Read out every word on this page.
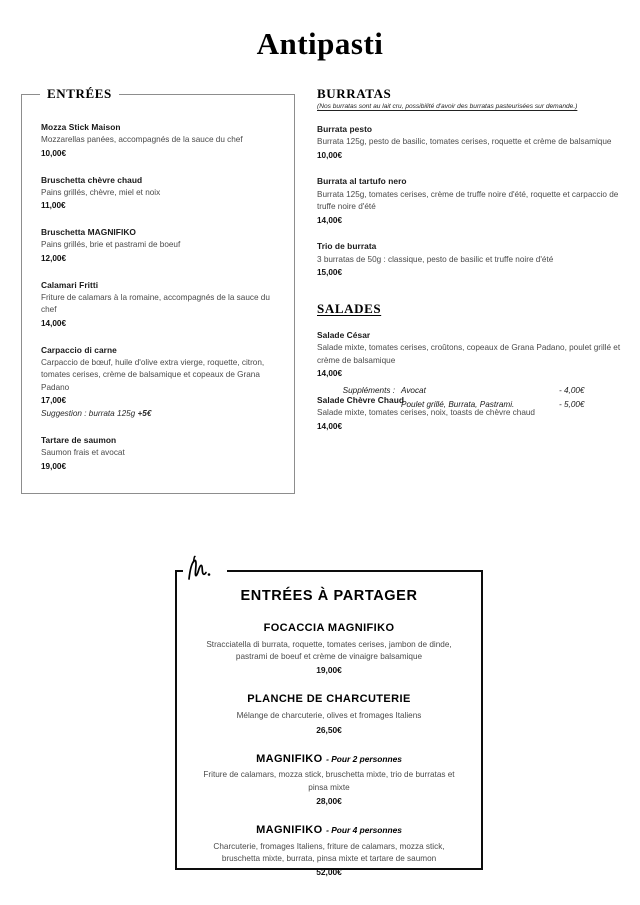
Antipasti
ENTRÉES

Mozza Stick Maison

Mozzarellas panées, accompagnés de la sauce du chef

10,00€

Bruschetta chèvre chaud

Pains grillés, chèvre, miel et noix

11,00€

Bruschetta MAGNIFIKO

Pains grillés, brie et pastrami de boeuf

12,00€

Calamari Fritti

Friture de calamars à la romaine, accompagnés de la sauce du chef

14,00€

Carpaccio di carne

Carpaccio de bœuf, huile d'olive extra vierge, roquette, citron, tomates cerises, crème de balsamique et copeaux de Grana Padano

17,00€

Suggestion : burrata 125g +5€

Tartare de saumon

Saumon frais et avocat

19,00€

BURRATAS

(Nos burratas sont au lait cru, possibilité d'avoir des burratas pasteurisées sur demande.)

Burrata pesto

Burrata 125g, pesto de basilic, tomates cerises, roquette et crème de balsamique

10,00€

Burrata al tartufo nero

Burrata 125g, tomates cerises, crème de truffe noire d'été, roquette et carpaccio de truffe noire d'été

14,00€

Trio de burrata

3 burratas de 50g : classique, pesto de basilic et truffe noire d'été

15,00€

SALADES

Salade César

Salade mixte, tomates cerises, croûtons, copeaux de Grana Padano, poulet grillé et crème de balsamique

14,00€

Salade Chèvre Chaud

Salade mixte, tomates cerises, noix, toasts de chèvre chaud

14,00€

Suppléments : Avocat	- 4,00€
Poulet grillé, Burrata, Pastrami.	- 5,00€
ENTRÉES À PARTAGER

FOCACCIA MAGNIFIKO

Stracciatella di burrata, roquette, tomates cerises, jambon de dinde, pastrami de boeuf et crème de vinaigre balsamique

19,00€

PLANCHE DE CHARCUTERIE

Mélange de charcuterie, olives et fromages Italiens

26,50€

MAGNIFIKO - Pour 2 personnes

Friture de calamars, mozza stick, bruschetta mixte, trio de burratas et pinsa mixte

28,00€

MAGNIFIKO - Pour 4 personnes

Charcuterie, fromages Italiens, friture de calamars, mozza stick, bruschetta mixte, burrata, pinsa mixte et tartare de saumon

52,00€
